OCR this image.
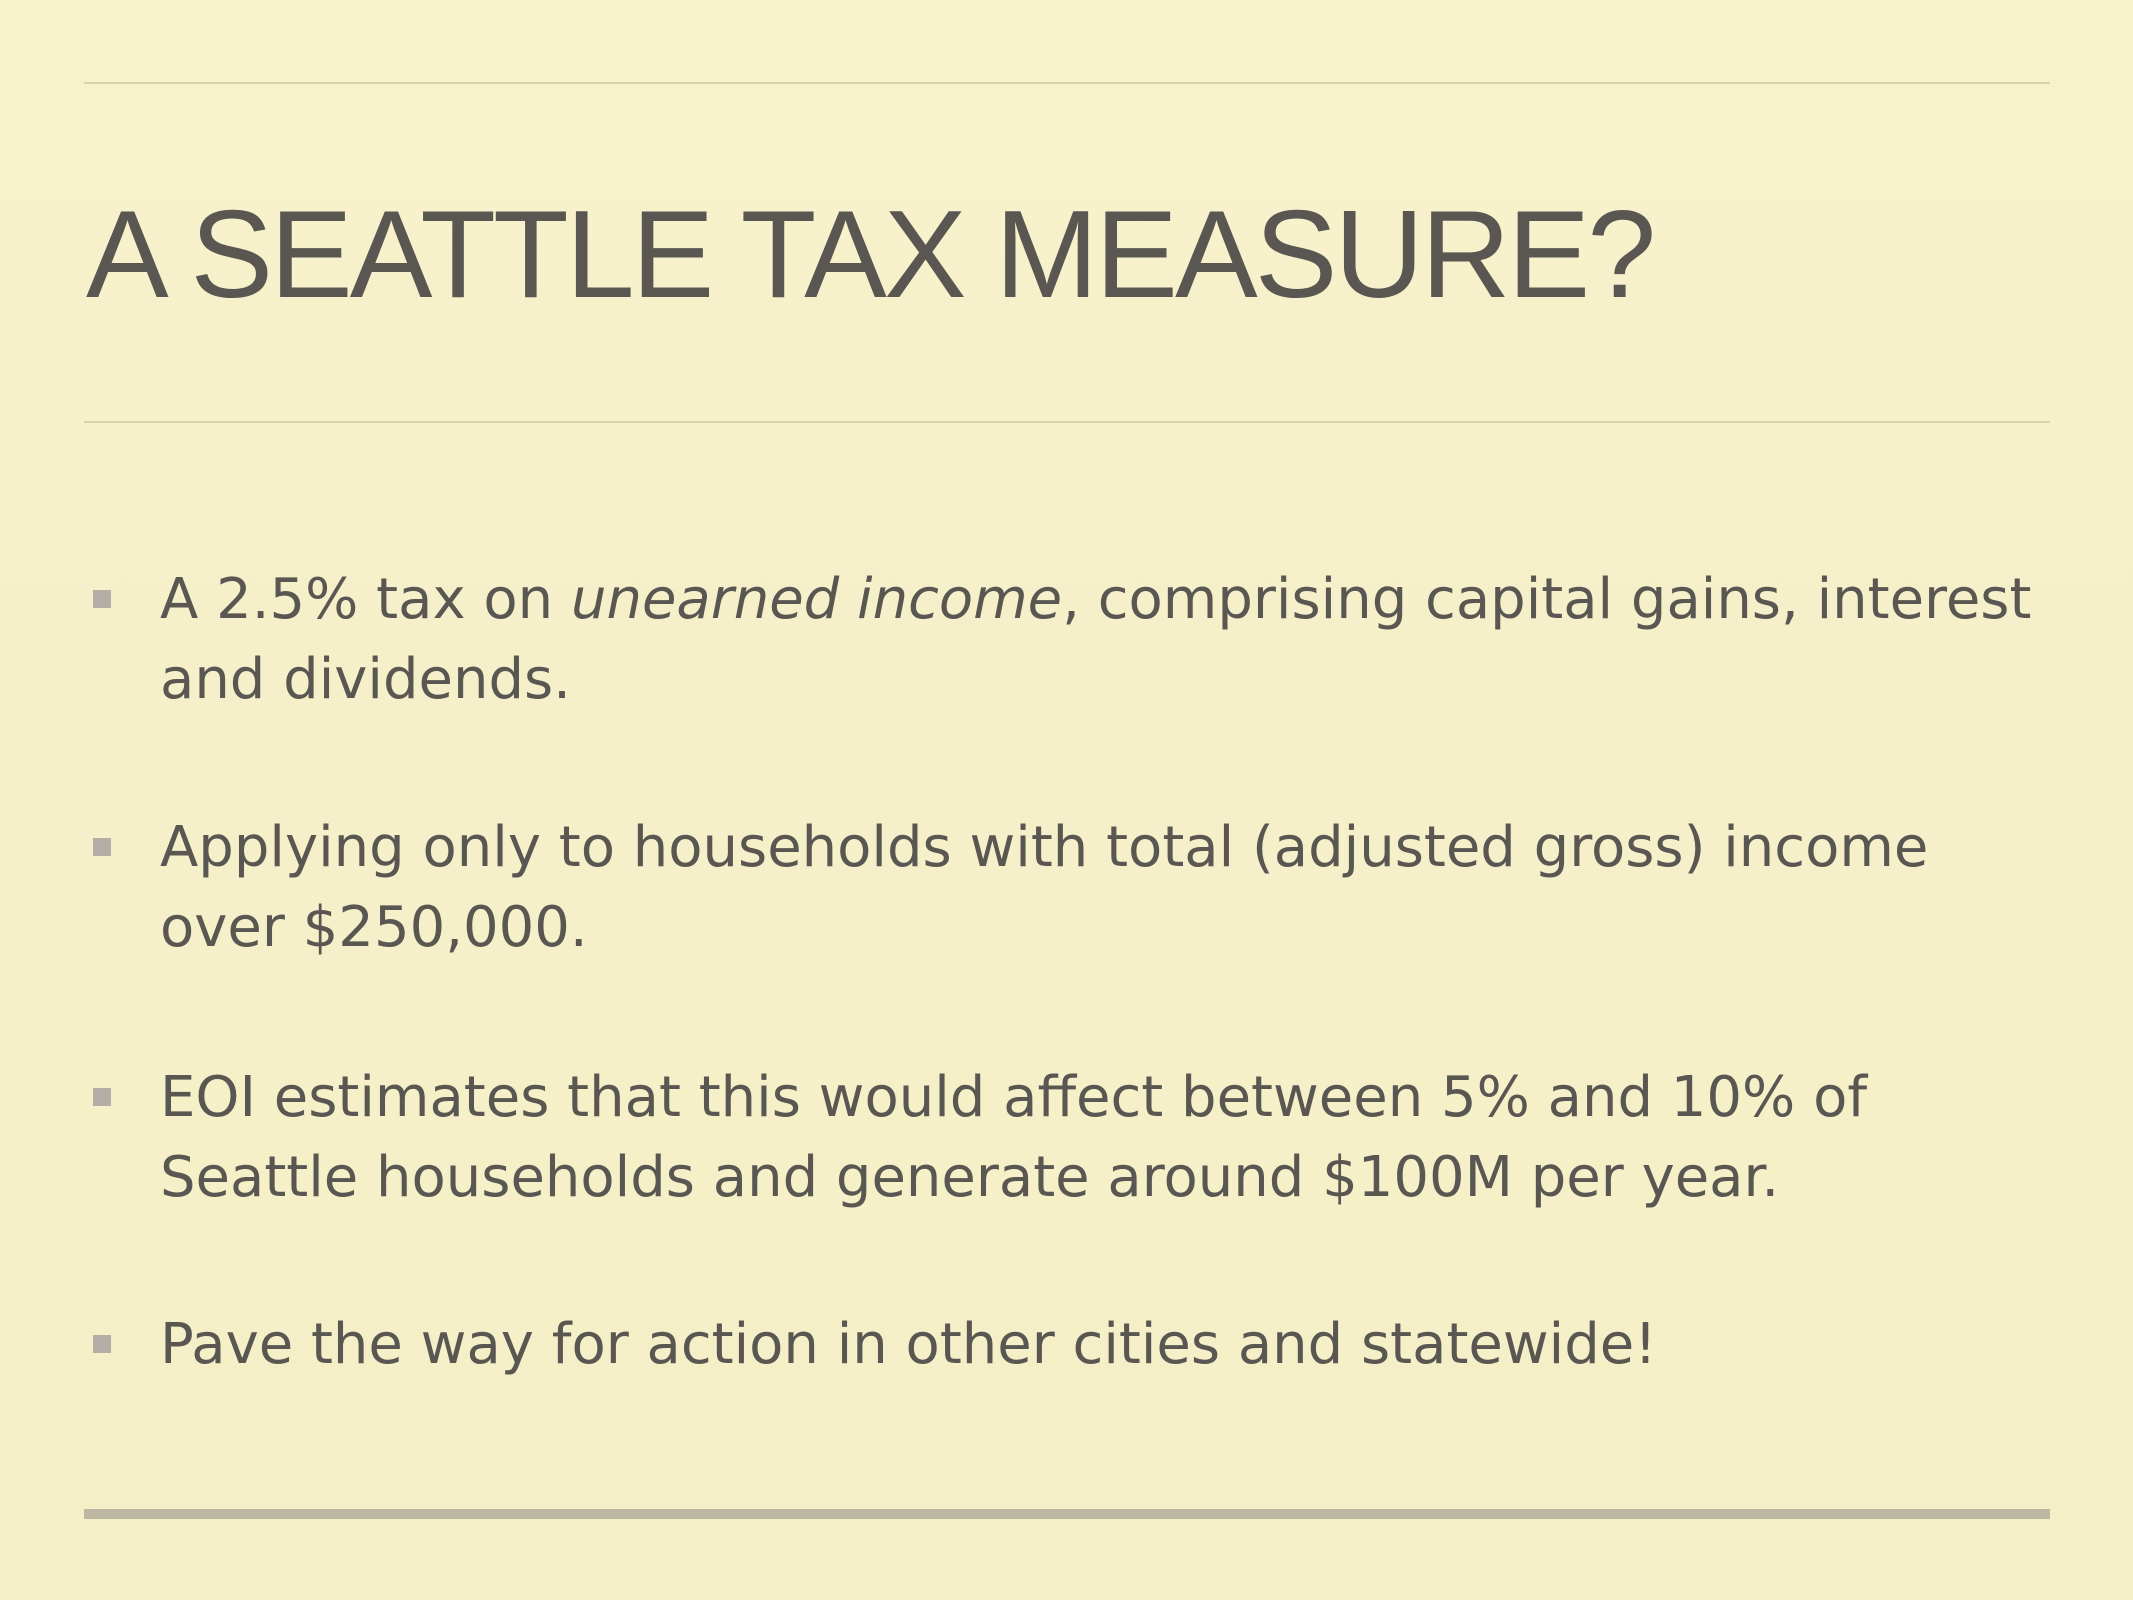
A SEATTLE TAX MEASURE?
A 2.5% tax on unearned income, comprising capital gains, interest and dividends.
Applying only to households with total (adjusted gross) income over $250,000.
EOI estimates that this would affect between 5% and 10% of Seattle households and generate around $100M per year.
Pave the way for action in other cities and statewide!
